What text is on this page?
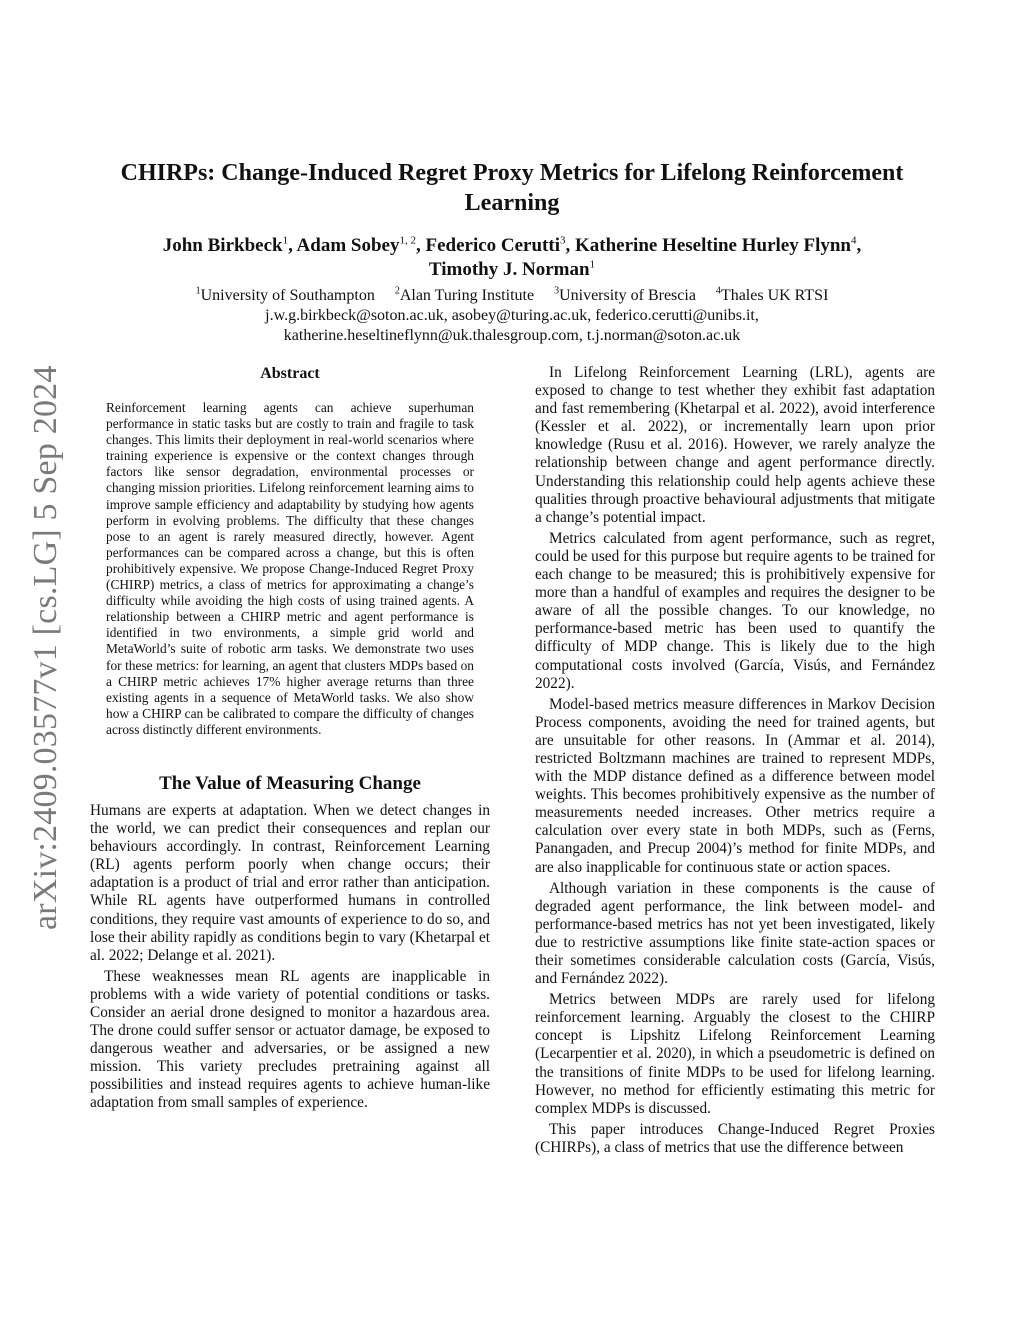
arXiv:2409.03577v1 [cs.LG] 5 Sep 2024
CHIRPs: Change-Induced Regret Proxy Metrics for Lifelong Reinforcement Learning
John Birkbeck$^1$, Adam Sobey$^{1, 2}$, Federico Cerutti$^3$, Katherine Heseltine Hurley Flynn$^4$,
Timothy J. Norman$^1$
$^1$University of Southampton $^2$Alan Turing Institute $^3$University of Brescia $^4$Thales UK RTSI
j.w.g.birkbeck@soton.ac.uk, asobey@turing.ac.uk, federico.cerutti@unibs.it,
katherine.heseltineflynn@uk.thalesgroup.com, t.j.norman@soton.ac.uk
Abstract
Reinforcement learning agents can achieve superhuman performance in static tasks but are costly to train and fragile to task changes. This limits their deployment in real-world scenarios where training experience is expensive or the context changes through factors like sensor degradation, environmental processes or changing mission priorities. Lifelong reinforcement learning aims to improve sample efficiency and adaptability by studying how agents perform in evolving problems. The difficulty that these changes pose to an agent is rarely measured directly, however. Agent performances can be compared across a change, but this is often prohibitively expensive. We propose Change-Induced Regret Proxy (CHIRP) metrics, a class of metrics for approximating a change’s difficulty while avoiding the high costs of using trained agents. A relationship between a CHIRP metric and agent performance is identified in two environments, a simple grid world and MetaWorld’s suite of robotic arm tasks. We demonstrate two uses for these metrics: for learning, an agent that clusters MDPs based on a CHIRP metric achieves 17% higher average returns than three existing agents in a sequence of MetaWorld tasks. We also show how a CHIRP can be calibrated to compare the difficulty of changes across distinctly different environments.
The Value of Measuring Change

Humans are experts at adaptation. When we detect changes in the world, we can predict their consequences and replan our behaviours accordingly. In contrast, Reinforcement Learning (RL) agents perform poorly when change occurs; their adaptation is a product of trial and error rather than anticipation. While RL agents have outperformed humans in controlled conditions, they require vast amounts of experience to do so, and lose their ability rapidly as conditions begin to vary (Khetarpal et al. 2022; Delange et al. 2021).

These weaknesses mean RL agents are inapplicable in problems with a wide variety of potential conditions or tasks. Consider an aerial drone designed to monitor a hazardous area. The drone could suffer sensor or actuator damage, be exposed to dangerous weather and adversaries, or be assigned a new mission. This variety precludes pretraining against all possibilities and instead requires agents to achieve human-like adaptation from small samples of experience.

In Lifelong Reinforcement Learning (LRL), agents are exposed to change to test whether they exhibit fast adaptation and fast remembering (Khetarpal et al. 2022), avoid interference (Kessler et al. 2022), or incrementally learn upon prior knowledge (Rusu et al. 2016). However, we rarely analyze the relationship between change and agent performance directly. Understanding this relationship could help agents achieve these qualities through proactive behavioural adjustments that mitigate a change’s potential impact.

Metrics calculated from agent performance, such as regret, could be used for this purpose but require agents to be trained for each change to be measured; this is prohibitively expensive for more than a handful of examples and requires the designer to be aware of all the possible changes. To our knowledge, no performance-based metric has been used to quantify the difficulty of MDP change. This is likely due to the high computational costs involved (García, Visús, and Fernández 2022).

Model-based metrics measure differences in Markov Decision Process components, avoiding the need for trained agents, but are unsuitable for other reasons. In (Ammar et al. 2014), restricted Boltzmann machines are trained to represent MDPs, with the MDP distance defined as a difference between model weights. This becomes prohibitively expensive as the number of measurements needed increases. Other metrics require a calculation over every state in both MDPs, such as (Ferns, Panangaden, and Precup 2004)’s method for finite MDPs, and are also inapplicable for continuous state or action spaces.

Although variation in these components is the cause of degraded agent performance, the link between model- and performance-based metrics has not yet been investigated, likely due to restrictive assumptions like finite state-action spaces or their sometimes considerable calculation costs (García, Visús, and Fernández 2022).

Metrics between MDPs are rarely used for lifelong reinforcement learning. Arguably the closest to the CHIRP concept is Lipshitz Lifelong Reinforcement Learning (Lecarpentier et al. 2020), in which a pseudometric is defined on the transitions of finite MDPs to be used for lifelong learning. However, no method for efficiently estimating this metric for complex MDPs is discussed.

This paper introduces Change-Induced Regret Proxies (CHIRPs), a class of metrics that use the difference between
